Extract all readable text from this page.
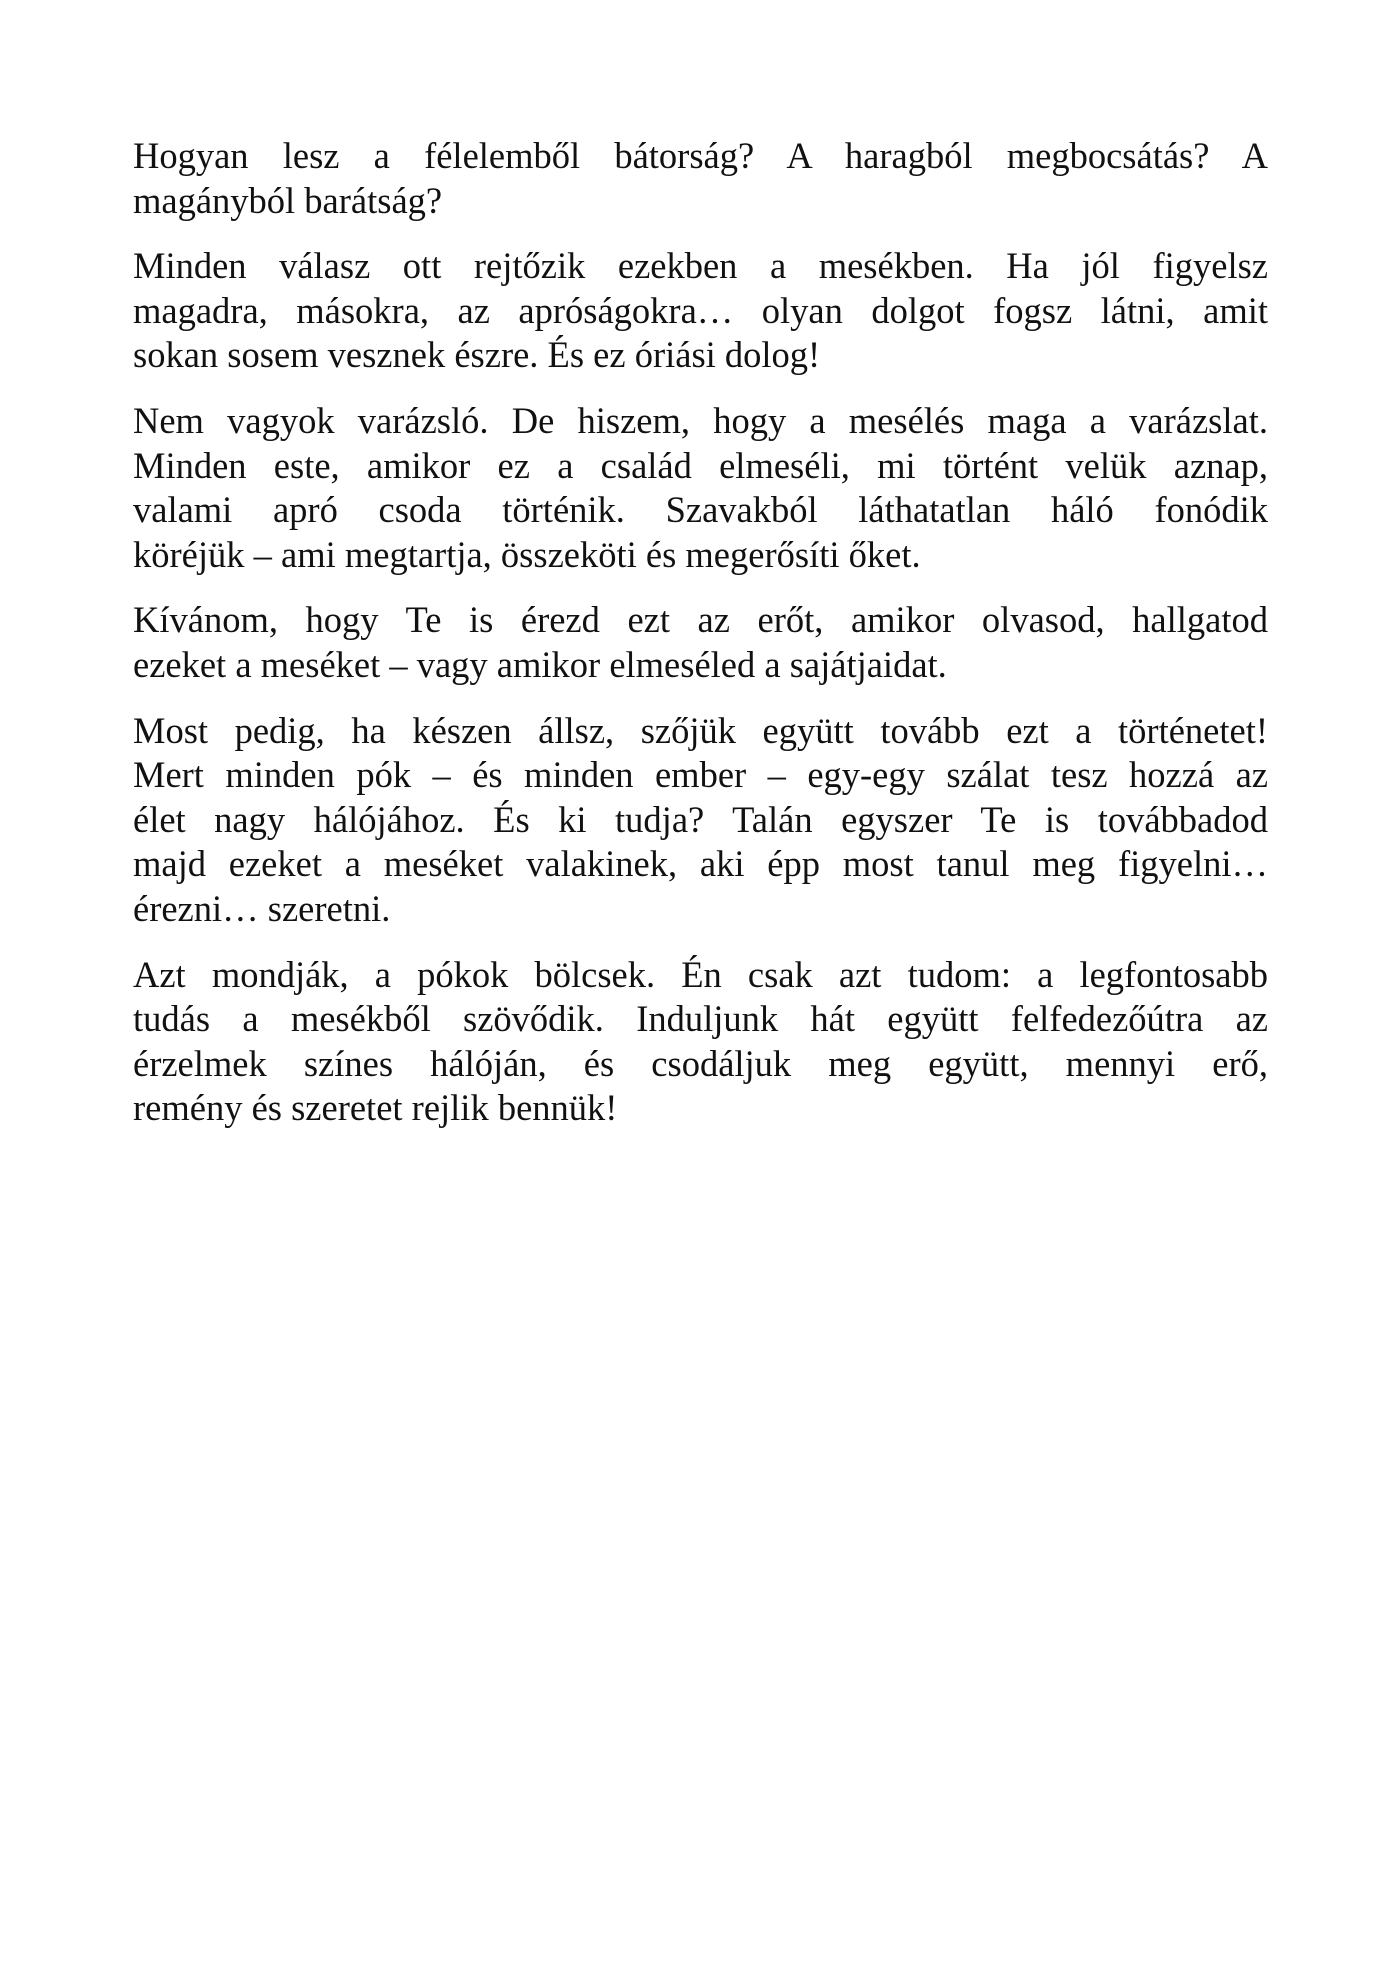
Hogyan lesz a félelemből bátorság? A haragból megbocsátás? A
magányból barátság?

Minden válasz ott rejtőzik ezekben a mesékben. Ha jól figyelsz
magadra, másokra, az apróságokra… olyan dolgot fogsz látni, amit
sokan sosem vesznek észre. És ez óriási dolog!

Nem vagyok varázsló. De hiszem, hogy a mesélés maga a varázslat.
Minden este, amikor ez a család elmeséli, mi történt velük aznap,
valami apró csoda történik. Szavakból láthatatlan háló fonódik
köréjük – ami megtartja, összeköti és megerősíti őket.

Kívánom, hogy Te is érezd ezt az erőt, amikor olvasod, hallgatod
ezeket a meséket – vagy amikor elmeséled a sajátjaidat.

Most pedig, ha készen állsz, szőjük együtt tovább ezt a történetet!
Mert minden pók – és minden ember – egy-egy szálat tesz hozzá az
élet nagy hálójához. És ki tudja? Talán egyszer Te is továbbadod
majd ezeket a meséket valakinek, aki épp most tanul meg figyelni…
érezni… szeretni.

Azt mondják, a pókok bölcsek. Én csak azt tudom: a legfontosabb
tudás a mesékből szövődik. Induljunk hát együtt felfedezőútra az
érzelmek színes hálóján, és csodáljuk meg együtt, mennyi erő,
remény és szeretet rejlik bennük!
